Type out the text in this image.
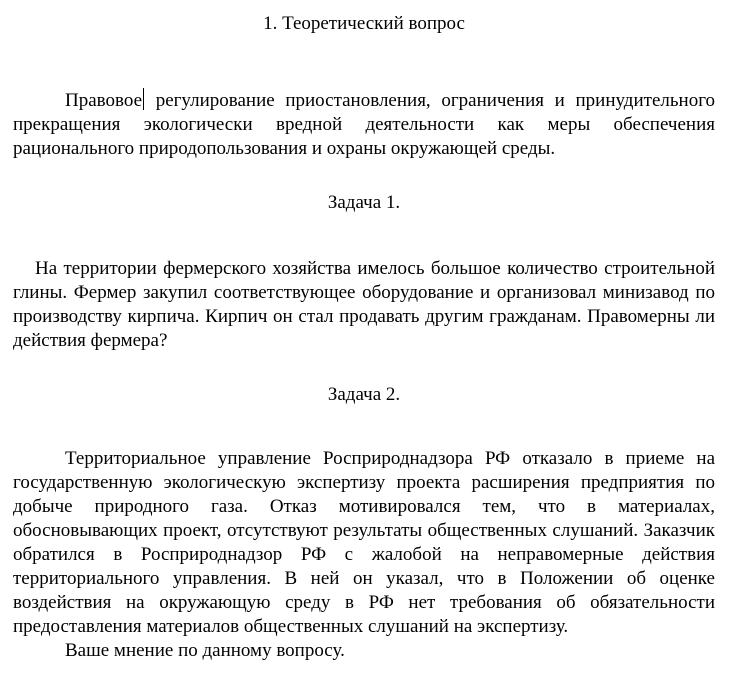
1. Теоретический вопрос

Правовое регулирование приостановления, ограничения и принудительного прекращения экологически вредной деятельности как меры обеспечения рационального природопользования и охраны окружающей среды.

Задача 1.

На территории фермерского хозяйства имелось большое количество строительной глины. Фермер закупил соответствующее оборудование и организовал минизавод по производству кирпича. Кирпич он стал продавать другим гражданам. Правомерны ли действия фермера?

Задача 2.

Территориальное управление Росприроднадзора РФ отказало в приеме на государственную экологическую экспертизу проекта расширения предприятия по добыче природного газа. Отказ мотивировался тем, что в материалах, обосновывающих проект, отсутствуют результаты общественных слушаний. Заказчик обратился в Росприроднадзор РФ с жалобой на неправомерные действия территориального управления. В ней он указал, что в Положении об оценке воздействия на окружающую среду в РФ нет требования об обязательности предоставления материалов общественных слушаний на экспертизу.

Ваше мнение по данному вопросу.
